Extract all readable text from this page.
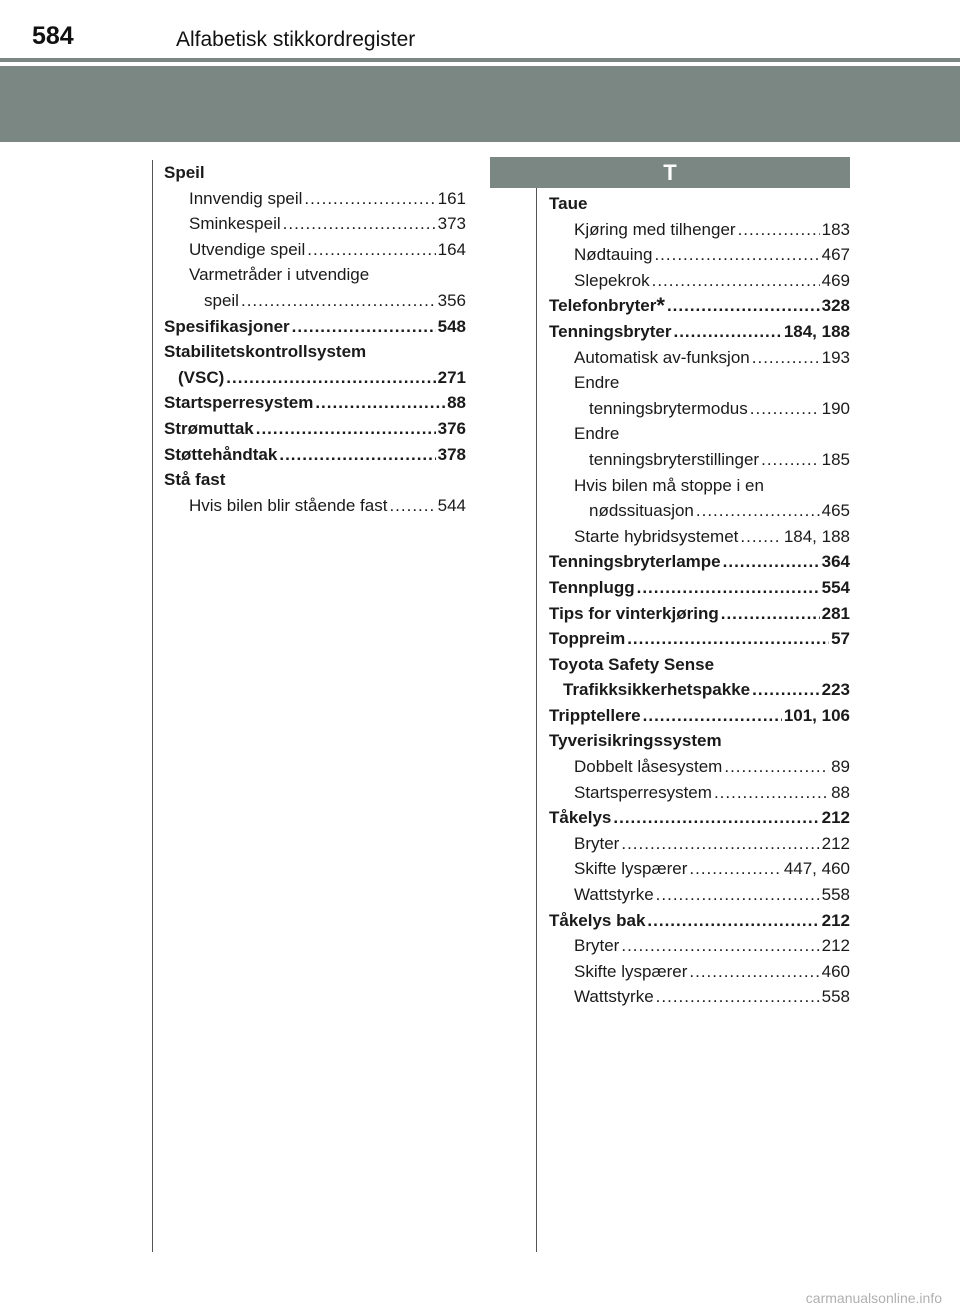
584	Alfabetisk stikkordregister
Speil
Innvendig speil .....	161
Sminkespeil .....	373
Utvendige speil .....	164
Varmetråder i utvendige
speil .....	356
Spesifikasjoner .....	548
Stabilitetskontrollsystem
(VSC) .....	271
Startsperresystem .....	88
Strømuttak .....	376
Støttehåndtak .....	378
Stå fast
Hvis bilen blir stående fast .....	544
T
Taue
Kjøring med tilhenger .....	183
Nødtauing .....	467
Slepekrok .....	469
Telefonbryter* .....	328
Tenningsbryter .....	184, 188
Automatisk av-funksjon .....	193
Endre
tenningsbrytermodus .....	190
Endre
tenningsbryterstillinger .....	185
Hvis bilen må stoppe i en
nødssituasjon .....	465
Starte hybridsystemet .....	184, 188
Tenningsbryterlampe .....	364
Tennplugg .....	554
Tips for vinterkjøring .....	281
Toppreim .....	57
Toyota Safety Sense
Trafikksikkerhetspakke .....	223
Tripptellere .....	101, 106
Tyverisikringssystem
Dobbelt låsesystem .....	89
Startsperresystem .....	88
Tåkelys .....	212
Bryter .....	212
Skifte lyspærer .....	447, 460
Wattstyrke .....	558
Tåkelys bak .....	212
Bryter .....	212
Skifte lyspærer .....	460
Wattstyrke .....	558
carmanualsonline.info
